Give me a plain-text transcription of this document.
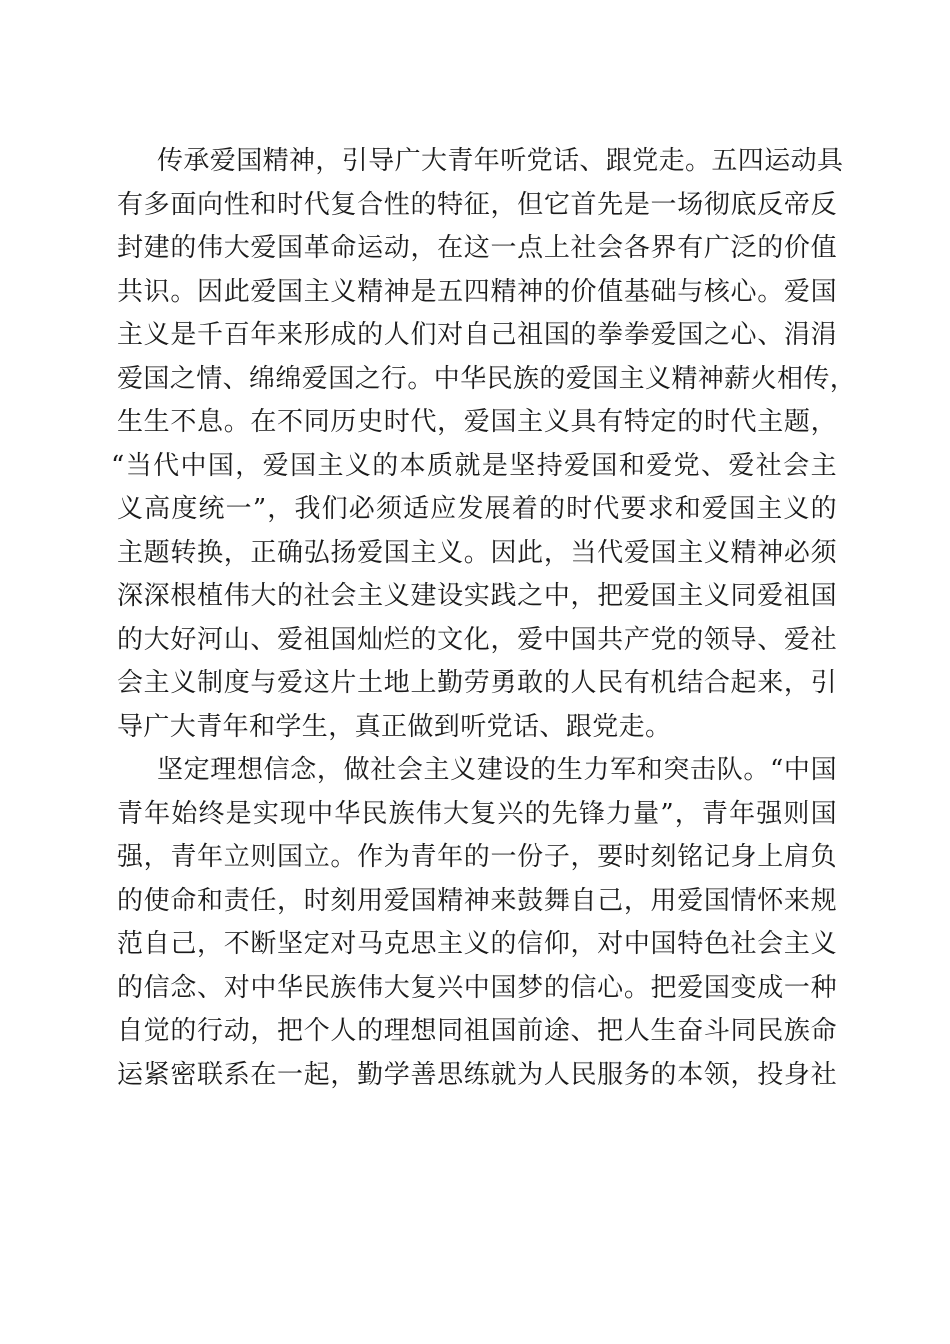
传承爱国精神，引导广大青年听党话、跟党走。五四运动具
有多面向性和时代复合性的特征，但它首先是一场彻底反帝反
封建的伟大爱国革命运动，在这一点上社会各界有广泛的价值
共识。因此爱国主义精神是五四精神的价值基础与核心。爱国
主义是千百年来形成的人们对自己祖国的拳拳爱国之心、涓涓
爱国之情、绵绵爱国之行。中华民族的爱国主义精神薪火相传，
生生不息。在不同历史时代，爱国主义具有特定的时代主题，
“当代中国，爱国主义的本质就是坚持爱国和爱党、爱社会主
义高度统一”，我们必须适应发展着的时代要求和爱国主义的
主题转换，正确弘扬爱国主义。因此，当代爱国主义精神必须
深深根植伟大的社会主义建设实践之中，把爱国主义同爱祖国
的大好河山、爱祖国灿烂的文化，爱中国共产党的领导、爱社
会主义制度与爱这片土地上勤劳勇敢的人民有机结合起来，引
导广大青年和学生，真正做到听党话、跟党走。
坚定理想信念，做社会主义建设的生力军和突击队。“中国
青年始终是实现中华民族伟大复兴的先锋力量”，青年强则国
强，青年立则国立。作为青年的一份子，要时刻铭记身上肩负
的使命和责任，时刻用爱国精神来鼓舞自己，用爱国情怀来规
范自己，不断坚定对马克思主义的信仰，对中国特色社会主义
的信念、对中华民族伟大复兴中国梦的信心。把爱国变成一种
自觉的行动，把个人的理想同祖国前途、把人生奋斗同民族命
运紧密联系在一起，勤学善思练就为人民服务的本领，投身社
